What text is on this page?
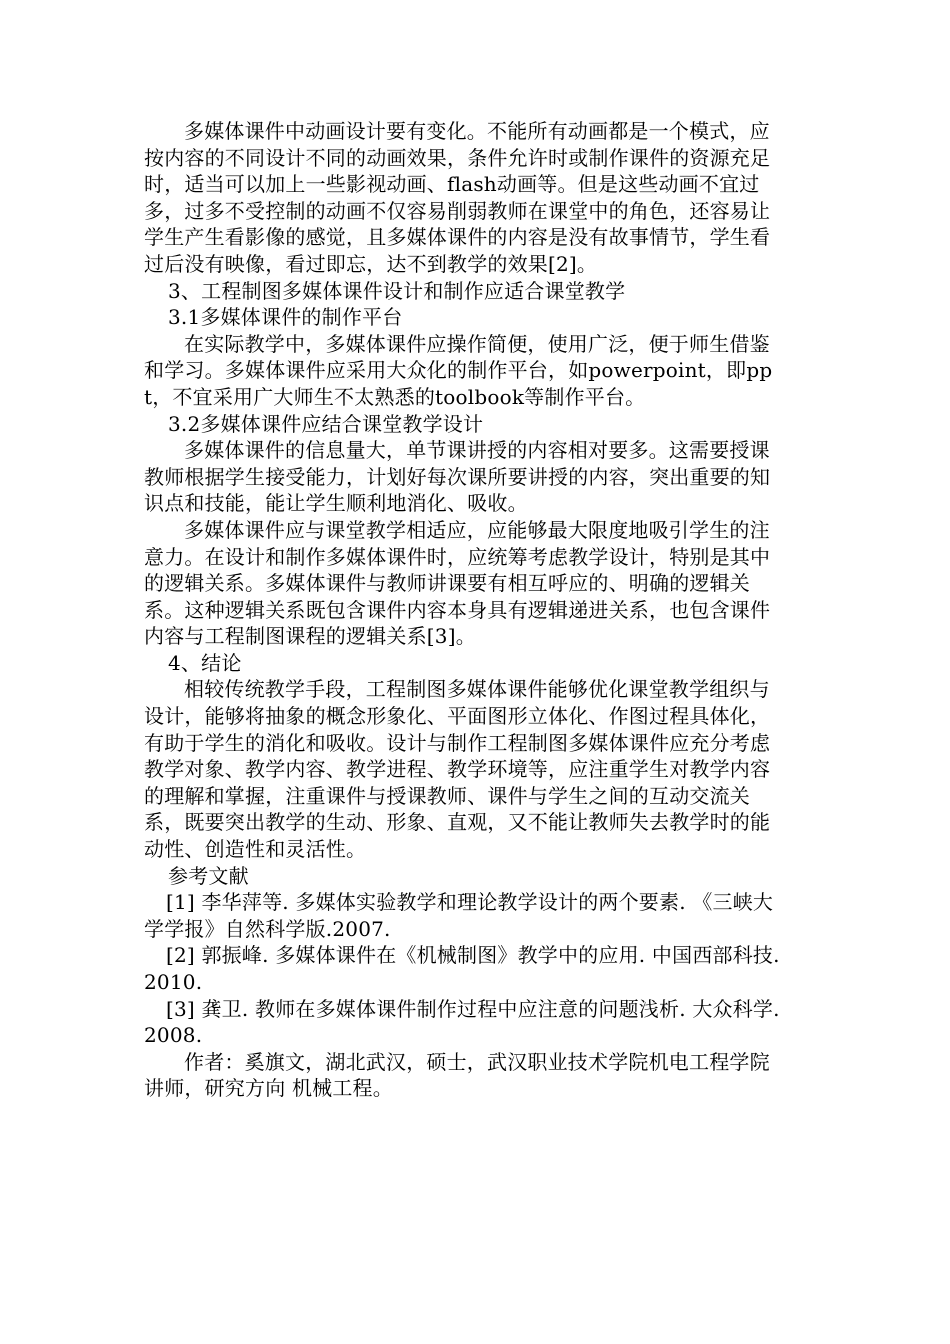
多媒体课件中动画设计要有变化。不能所有动画都是一个模式，应按内容的不同设计不同的动画效果，条件允许时或制作课件的资源充足时，适当可以加上一些影视动画、flash动画等。但是这些动画不宜过多，过多不受控制的动画不仅容易削弱教师在课堂中的角色，还容易让学生产生看影像的感觉，且多媒体课件的内容是没有故事情节，学生看过后没有映像，看过即忘，达不到教学的效果[2]。

3、工程制图多媒体课件设计和制作应适合课堂教学

3.1多媒体课件的制作平台

在实际教学中，多媒体课件应操作简便，使用广泛，便于师生借鉴和学习。多媒体课件应采用大众化的制作平台，如powerpoint，即ppt，不宜采用广大师生不太熟悉的toolbook等制作平台。

3.2多媒体课件应结合课堂教学设计

多媒体课件的信息量大，单节课讲授的内容相对要多。这需要授课教师根据学生接受能力，计划好每次课所要讲授的内容，突出重要的知识点和技能，能让学生顺利地消化、吸收。

多媒体课件应与课堂教学相适应，应能够最大限度地吸引学生的注意力。在设计和制作多媒体课件时，应统筹考虑教学设计，特别是其中的逻辑关系。多媒体课件与教师讲课要有相互呼应的、明确的逻辑关系。这种逻辑关系既包含课件内容本身具有逻辑递进关系，也包含课件内容与工程制图课程的逻辑关系[3]。

4、结论

相较传统教学手段，工程制图多媒体课件能够优化课堂教学组织与设计，能够将抽象的概念形象化、平面图形立体化、作图过程具体化，有助于学生的消化和吸收。设计与制作工程制图多媒体课件应充分考虑教学对象、教学内容、教学进程、教学环境等，应注重学生对教学内容的理解和掌握，注重课件与授课教师、课件与学生之间的互动交流关系，既要突出教学的生动、形象、直观，又不能让教师失去教学时的能动性、创造性和灵活性。

参考文献

[1] 李华萍等. 多媒体实验教学和理论教学设计的两个要素. 《三峡大学学报》自然科学版.2007.

[2] 郭振峰. 多媒体课件在《机械制图》教学中的应用. 中国西部科技. 2010.

[3] 龚卫. 教师在多媒体课件制作过程中应注意的问题浅析. 大众科学. 2008.

作者：奚旗文，湖北武汉，硕士，武汉职业技术学院机电工程学院讲师，研究方向 机械工程。
